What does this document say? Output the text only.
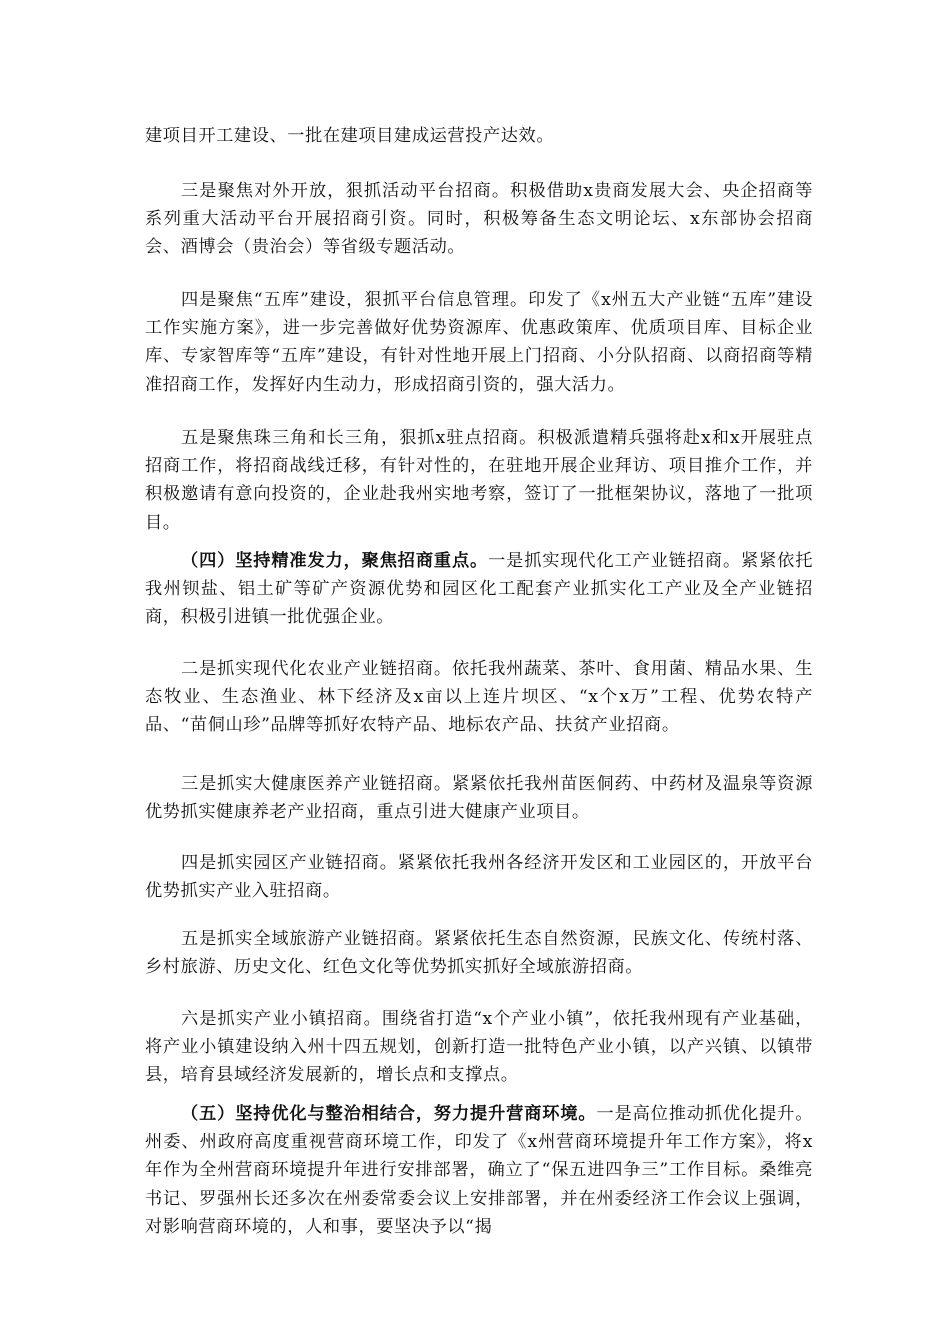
建项目开工建设、一批在建项目建成运营投产达效。

三是聚焦对外开放，狠抓活动平台招商。积极借助x贵商发展大会、央企招商等系列重大活动平台开展招商引资。同时，积极筹备生态文明论坛、x东部协会招商会、酒博会（贵治会）等省级专题活动。

四是聚焦“五库”建设，狠抓平台信息管理。印发了《x州五大产业链“五库”建设工作实施方案》，进一步完善做好优势资源库、优惠政策库、优质项目库、目标企业库、专家智库等“五库”建设，有针对性地开展上门招商、小分队招商、以商招商等精准招商工作，发挥好内生动力，形成招商引资的，强大活力。

五是聚焦珠三角和长三角，狠抓x驻点招商。积极派遣精兵强将赴x和x开展驻点招商工作，将招商战线迁移，有针对性的，在驻地开展企业拜访、项目推介工作，并积极邀请有意向投资的，企业赴我州实地考察，签订了一批框架协议，落地了一批项目。

（四）坚持精准发力，聚焦招商重点。一是抓实现代化工产业链招商。紧紧依托我州钡盐、铝土矿等矿产资源优势和园区化工配套产业抓实化工产业及全产业链招商，积极引进镇一批优强企业。

二是抓实现代化农业产业链招商。依托我州蔬菜、茶叶、食用菌、精品水果、生态牧业、生态渔业、林下经济及x亩以上连片坝区、“x个x万”工程、优势农特产品、“苗侗山珍”品牌等抓好农特产品、地标农产品、扶贫产业招商。

三是抓实大健康医养产业链招商。紧紧依托我州苗医侗药、中药材及温泉等资源优势抓实健康养老产业招商，重点引进大健康产业项目。

四是抓实园区产业链招商。紧紧依托我州各经济开发区和工业园区的，开放平台优势抓实产业入驻招商。

五是抓实全域旅游产业链招商。紧紧依托生态自然资源，民族文化、传统村落、乡村旅游、历史文化、红色文化等优势抓实抓好全域旅游招商。

六是抓实产业小镇招商。围绕省打造“x个产业小镇”，依托我州现有产业基础，将产业小镇建设纳入州十四五规划，创新打造一批特色产业小镇，以产兴镇、以镇带县，培育县域经济发展新的，增长点和支撑点。

（五）坚持优化与整治相结合，努力提升营商环境。一是高位推动抓优化提升。州委、州政府高度重视营商环境工作，印发了《x州营商环境提升年工作方案》，将x年作为全州营商环境提升年进行安排部署，确立了“保五进四争三”工作目标。桑维亮书记、罗强州长还多次在州委常委会议上安排部署，并在州委经济工作会议上强调，对影响营商环境的，人和事，要坚决予以“揭
